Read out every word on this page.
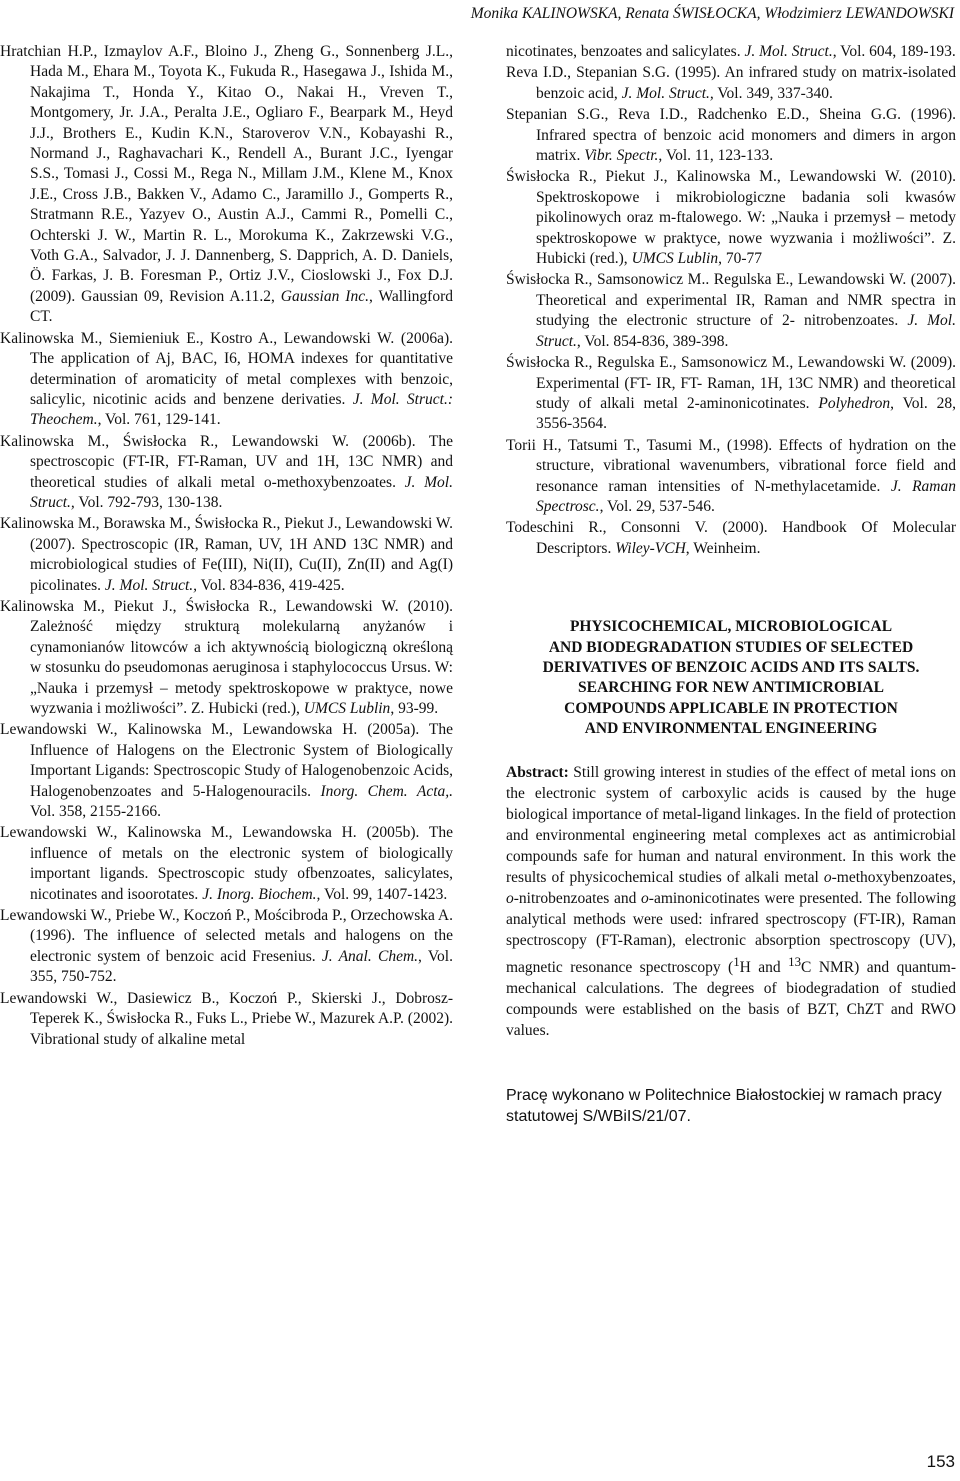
Monika KALINOWSKA, Renata ŚWISŁOCKA, Włodzimierz LEWANDOWSKI

Hratchian H.P., Izmaylov A.F., Bloino J., Zheng G., Sonnenberg J.L., Hada M., Ehara M., Toyota K., Fukuda R., Hasegawa J., Ishida M., Nakajima T., Honda Y., Kitao O., Nakai H., Vreven T., Montgomery, Jr. J.A., Peralta J.E., Ogliaro F., Bearpark M., Heyd J.J., Brothers E., Kudin K.N., Staroverov V.N., Kobayashi R., Normand J., Raghavachari K., Rendell A., Burant J.C., Iyengar S.S., Tomasi J., Cossi M., Rega N., Millam J.M., Klene M., Knox J.E., Cross J.B., Bakken V., Adamo C., Jaramillo J., Gomperts R., Stratmann R.E., Yazyev O., Austin A.J., Cammi R., Pomelli C., Ochterski J. W., Martin R. L., Morokuma K., Zakrzewski V.G., Voth G.A., Salvador, J. J. Dannenberg, S. Dapprich, A. D. Daniels, Ö. Farkas, J. B. Foresman P., Ortiz J.V., Cioslowski J., Fox D.J. (2009). Gaussian 09, Revision A.11.2, Gaussian Inc., Wallingford CT.

Kalinowska M., Siemieniuk E., Kostro A., Lewandowski W. (2006a). The application of Aj, BAC, I6, HOMA indexes for quantitative determination of aromaticity of metal complexes with benzoic, salicylic, nicotinic acids and benzene derivaties. J. Mol. Struct.: Theochem., Vol. 761, 129-141.

Kalinowska M., Świsłocka R., Lewandowski W. (2006b). The spectroscopic (FT-IR, FT-Raman, UV and 1H, 13C NMR) and theoretical studies of alkali metal o-methoxybenzoates. J. Mol. Struct., Vol. 792-793, 130-138.

Kalinowska M., Borawska M., Świsłocka R., Piekut J., Lewandowski W. (2007). Spectroscopic (IR, Raman, UV, 1H AND 13C NMR) and microbiological studies of Fe(III), Ni(II), Cu(II), Zn(II) and Ag(I) picolinates. J. Mol. Struct., Vol. 834-836, 419-425.

Kalinowska M., Piekut J., Świsłocka R., Lewandowski W. (2010). Zależność między strukturą molekularną anyżanów i cynamonianów litowców a ich aktywnością biologiczną określoną w stosunku do pseudomonas aeruginosa i staphylococcus Ursus. W: „Nauka i przemysł – metody spektroskopowe w praktyce, nowe wyzwania i możliwości”. Z. Hubicki (red.), UMCS Lublin, 93-99.

Lewandowski W., Kalinowska M., Lewandowska H. (2005a). The Influence of Halogens on the Electronic System of Biologically Important Ligands: Spectroscopic Study of Halogenobenzoic Acids, Halogenobenzoates and 5-Halogenouracils. Inorg. Chem. Acta,. Vol. 358, 2155-2166.

Lewandowski W., Kalinowska M., Lewandowska H. (2005b). The influence of metals on the electronic system of biologically important ligands. Spectroscopic study ofbenzoates, salicylates, nicotinates and isoorotates. J. Inorg. Biochem., Vol. 99, 1407-1423.

Lewandowski W., Priebe W., Koczoń P., Mościbroda P., Orzechowska A. (1996). The influence of selected metals and halogens on the electronic system of benzoic acid Fresenius. J. Anal. Chem., Vol. 355, 750-752.

Lewandowski W., Dasiewicz B., Koczoń P., Skierski J., Dobrosz-Teperek K., Świsłocka R., Fuks L., Priebe W., Mazurek A.P. (2002). Vibrational study of alkaline metal

nicotinates, benzoates and salicylates. J. Mol. Struct., Vol. 604, 189-193.

Reva I.D., Stepanian S.G. (1995). An infrared study on matrix-isolated benzoic acid, J. Mol. Struct., Vol. 349, 337-340.

Stepanian S.G., Reva I.D., Radchenko E.D., Sheina G.G. (1996). Infrared spectra of benzoic acid monomers and dimers in argon matrix. Vibr. Spectr., Vol. 11, 123-133.

Świsłocka R., Piekut J., Kalinowska M., Lewandowski W. (2010). Spektroskopowe i mikrobiologiczne badania soli kwasów pikolinowych oraz m-ftalowego. W: „Nauka i przemysł – metody spektroskopowe w praktyce, nowe wyzwania i możliwości”. Z. Hubicki (red.), UMCS Lublin, 70-77

Świsłocka R., Samsonowicz M.. Regulska E., Lewandowski W. (2007). Theoretical and experimental IR, Raman and NMR spectra in studying the electronic structure of 2- nitrobenzoates. J. Mol. Struct., Vol. 854-836, 389-398.

Świsłocka R., Regulska E., Samsonowicz M., Lewandowski W. (2009). Experimental (FT- IR, FT- Raman, 1H, 13C NMR) and theoretical study of alkali metal 2-aminonicotinates. Polyhedron, Vol. 28, 3556-3564.

Torii H., Tatsumi T., Tasumi M., (1998). Effects of hydration on the structure, vibrational wavenumbers, vibrational force field and resonance raman intensities of N-methylacetamide. J. Raman Spectrosc., Vol. 29, 537-546.

Todeschini R., Consonni V. (2000). Handbook Of Molecular Descriptors. Wiley-VCH, Weinheim.

PHYSICOCHEMICAL, MICROBIOLOGICAL
AND BIODEGRADATION STUDIES OF SELECTED
DERIVATIVES OF BENZOIC ACIDS AND ITS SALTS.
SEARCHING FOR NEW ANTIMICROBIAL
COMPOUNDS APPLICABLE IN PROTECTION
AND ENVIRONMENTAL ENGINEERING
Abstract: Still growing interest in studies of the effect of metal ions on the electronic system of carboxylic acids is caused by the huge biological importance of metal-ligand linkages. In the field of protection and environmental engineering metal complexes act as antimicrobial compounds safe for human and natural environment. In this work the results of physicochemical studies of alkali metal o-methoxybenzoates, o-nitrobenzoates and o-aminonicotinates were presented. The following analytical methods were used: infrared spectroscopy (FT-IR), Raman spectroscopy (FT-Raman), electronic absorption spectroscopy (UV), magnetic resonance spectroscopy ($^1$H and $^{13}$C NMR) and quantum-mechanical calculations. The degrees of biodegradation of studied compounds were established on the basis of BZT, ChZT and RWO values.
Pracę wykonano w Politechnice Białostockiej w ramach pracy statutowej S/WBiIS/21/07.
153
